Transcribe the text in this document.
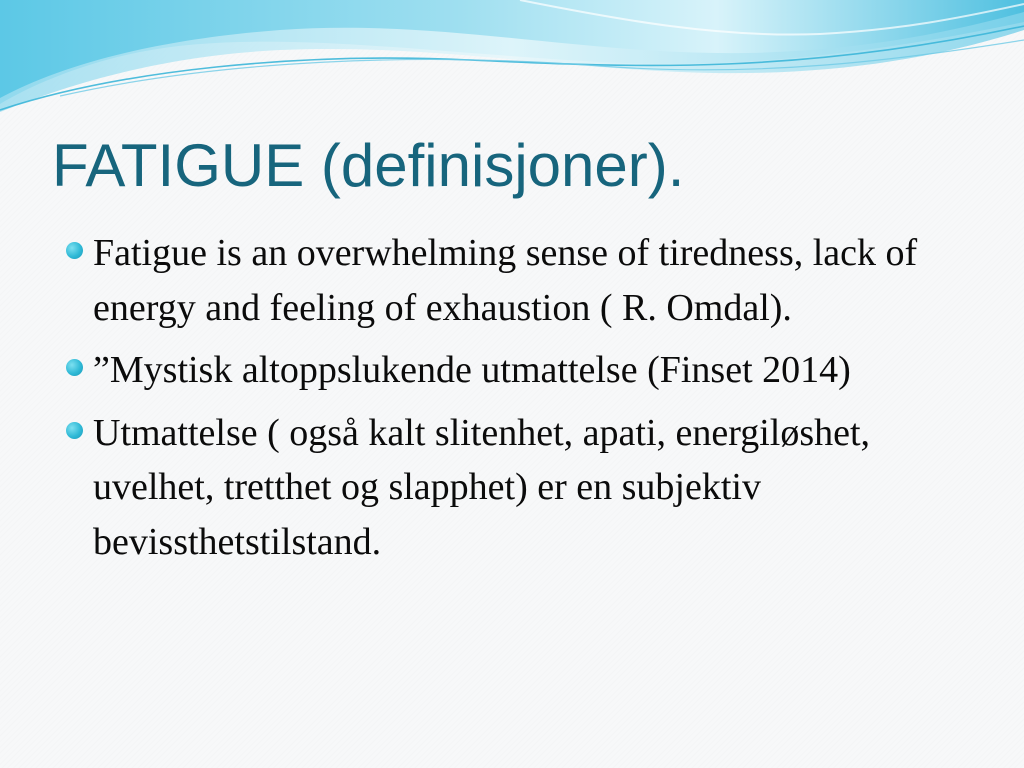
FATIGUE (definisjoner).
Fatigue is an overwhelming sense of tiredness, lack of energy and feeling of exhaustion ( R. Omdal).
”Mystisk altoppslukende utmattelse (Finset 2014)
Utmattelse ( også kalt slitenhet, apati, energiløshet, uvelhet, tretthet og slapphet) er en subjektiv bevissthetstilstand.
